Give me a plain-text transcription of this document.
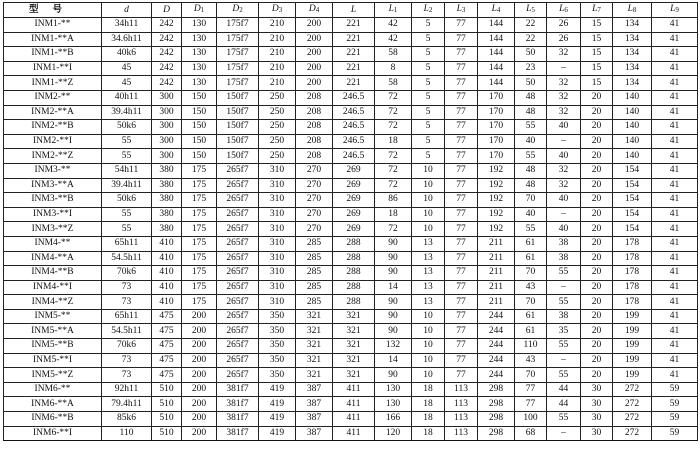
型号	d	D	$D_1$	$D_2$	$D_3$	$D_4$	L	$L_1$	$L_2$	$L_3$	$L_4$	$L_5$	$L_6$	$L_7$	$L_8$	$L_9$
INM1-**	34h11	242	130	175f7	210	200	221	42	5	77	144	22	26	15	134	41
INM1-**A	34.6h11	242	130	175f7	210	200	221	42	5	77	144	22	26	15	134	41
INM1-**B	40k6	242	130	175f7	210	200	221	58	5	77	144	50	32	15	134	41
INM1-**I	45	242	130	175f7	210	200	221	8	5	77	144	23	–	15	134	41
INM1-**Z	45	242	130	175f7	210	200	221	58	5	77	144	50	32	15	134	41
INM2-**	40h11	300	150	150f7	250	208	246.5	72	5	77	170	48	32	20	140	41
INM2-**A	39.4h11	300	150	150f7	250	208	246.5	72	5	77	170	48	32	20	140	41
INM2-**B	50k6	300	150	150f7	250	208	246.5	72	5	77	170	55	40	20	140	41
INM2-**I	55	300	150	150f7	250	208	246.5	18	5	77	170	40	–	20	140	41
INM2-**Z	55	300	150	150f7	250	208	246.5	72	5	77	170	55	40	20	140	41
INM3-**	54h11	380	175	265f7	310	270	269	72	10	77	192	48	32	20	154	41
INM3-**A	39.4h11	380	175	265f7	310	270	269	72	10	77	192	48	32	20	154	41
INM3-**B	50k6	380	175	265f7	310	270	269	86	10	77	192	70	40	20	154	41
INM3-**I	55	380	175	265f7	310	270	269	18	10	77	192	40	–	20	154	41
INM3-**Z	55	380	175	265f7	310	270	269	72	10	77	192	55	40	20	154	41
INM4-**	65h11	410	175	265f7	310	285	288	90	13	77	211	61	38	20	178	41
INM4-**A	54.5h11	410	175	265f7	310	285	288	90	13	77	211	61	38	20	178	41
INM4-**B	70k6	410	175	265f7	310	285	288	90	13	77	211	70	55	20	178	41
INM4-**I	73	410	175	265f7	310	285	288	14	13	77	211	43	–	20	178	41
INM4-**Z	73	410	175	265f7	310	285	288	90	13	77	211	70	55	20	178	41
INM5-**	65h11	475	200	265f7	350	321	321	90	10	77	244	61	38	20	199	41
INM5-**A	54.5h11	475	200	265f7	350	321	321	90	10	77	244	61	35	20	199	41
INM5-**B	70k6	475	200	265f7	350	321	321	132	10	77	244	110	55	20	199	41
INM5-**I	73	475	200	265f7	350	321	321	14	10	77	244	43	–	20	199	41
INM5-**Z	73	475	200	265f7	350	321	321	90	10	77	244	70	55	20	199	41
INM6-**	92h11	510	200	381f7	419	387	411	130	18	113	298	77	44	30	272	59
INM6-**A	79.4h11	510	200	381f7	419	387	411	130	18	113	298	77	44	30	272	59
INM6-**B	85k6	510	200	381f7	419	387	411	166	18	113	298	100	55	30	272	59
INM6-**I	110	510	200	381f7	419	387	411	120	18	113	298	68	–	30	272	59
